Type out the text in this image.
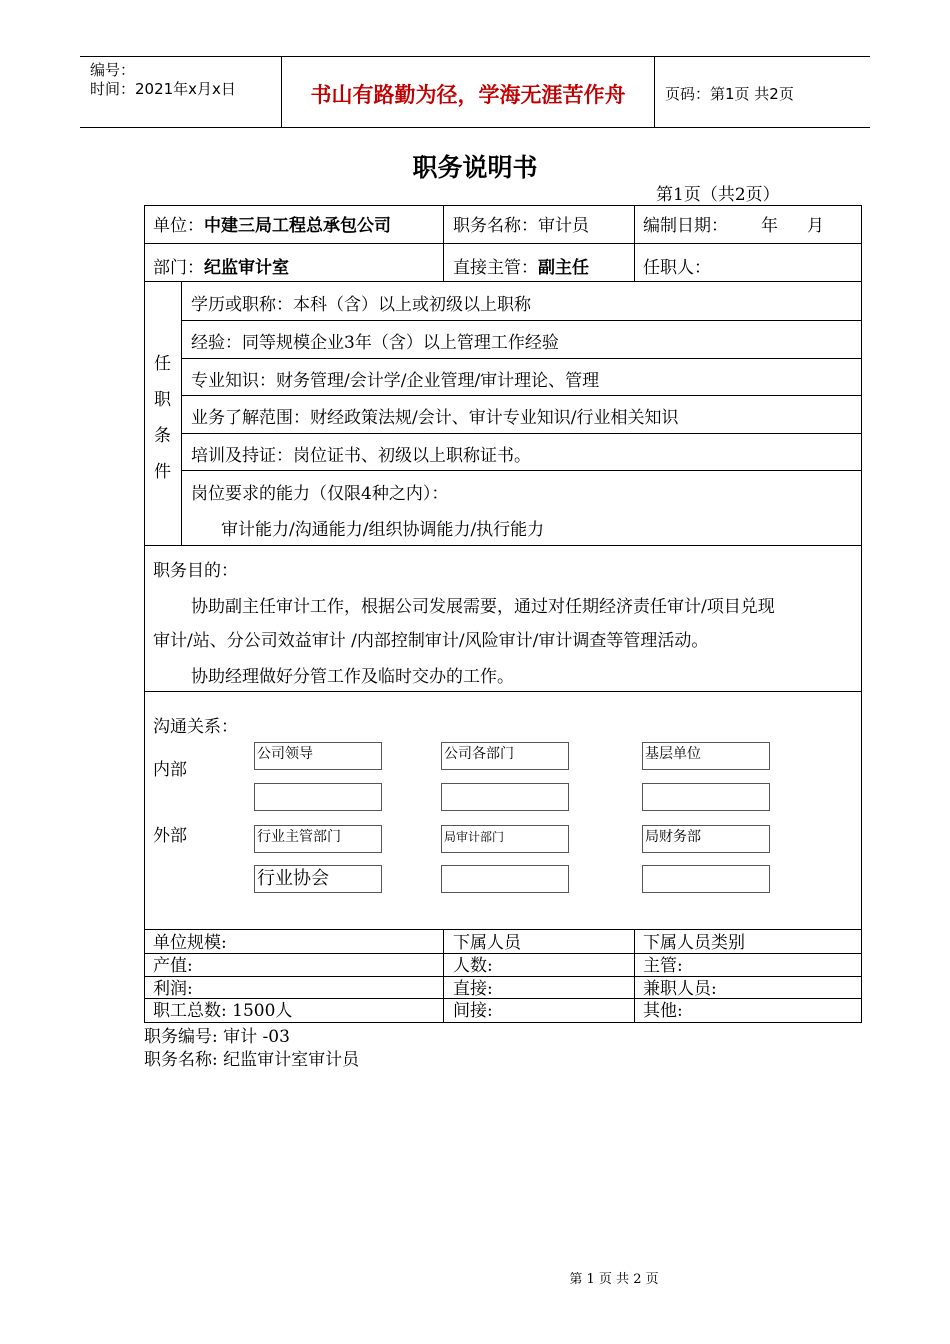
编号：
时间：2021年x月x日	书山有路勤为径，学海无涯苦作舟	页码：第1页 共2页
职务说明书
第1页（共2页）
单位：中建三局工程总承包公司	职务名称：审计员	编制日期： 年 月
部门：纪监审计室	直接主管：副主任	任职人：
任
职
条
件
学历或职称：本科（含）以上或初级以上职称
经验：同等规模企业3年（含）以上管理工作经验
专业知识：财务管理/会计学/企业管理/审计理论、管理
业务了解范围：财经政策法规/会计、审计专业知识/行业相关知识
培训及持证：岗位证书、初级以上职称证书。
岗位要求的能力（仅限4种之内）：
审计能力/沟通能力/组织协调能力/执行能力
职务目的：
协助副主任审计工作，根据公司发展需要，通过对任期经济责任审计/项目兑现
审计/站、分公司效益审计 /内部控制审计/风险审计/审计调查等管理活动。
协助经理做好分管工作及临时交办的工作。
沟通关系：
内部
外部
公司领导	公司各部门	基层单位
行业主管部门	局审计部门	局财务部
行业协会
单位规模:	下属人员	下属人员类别
产值:	人数:	主管:
利润:	直接:	兼职人员:
职工总数: 1500人	间接:	其他:
职务编号: 审计 -03
职务名称: 纪监审计室审计员
第 1 页 共 2 页
